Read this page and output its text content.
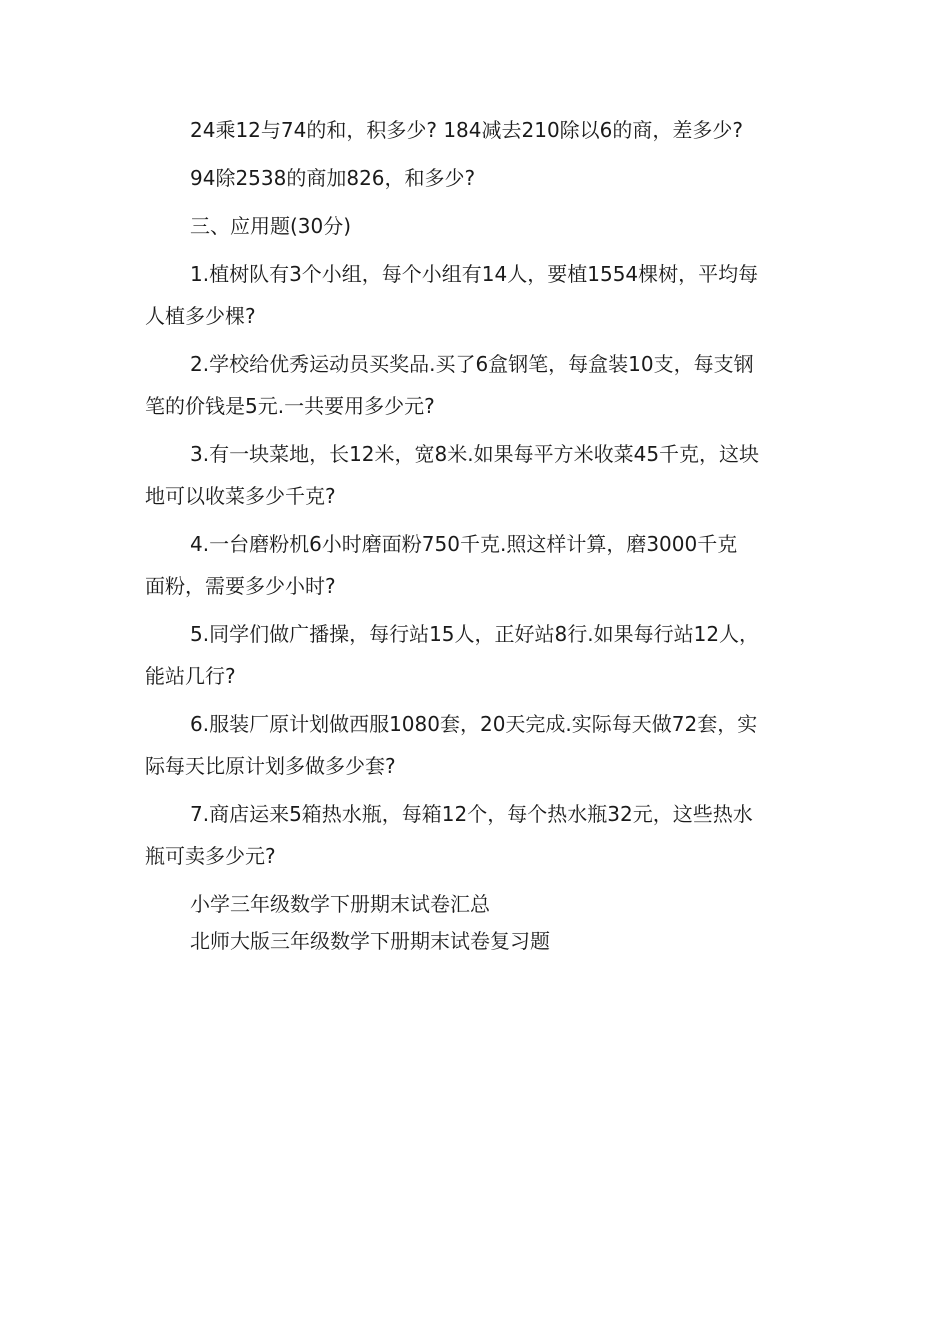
24乘12与74的和，积多少? 184减去210除以6的商，差多少?

94除2538的商加826，和多少?

三、应用题(30分)

1.植树队有3个小组，每个小组有14人，要植1554棵树，平均每

人植多少棵?

2.学校给优秀运动员买奖品.买了6盒钢笔，每盒装10支，每支钢

笔的价钱是5元.一共要用多少元?

3.有一块菜地，长12米，宽8米.如果每平方米收菜45千克，这块

地可以收菜多少千克?

4.一台磨粉机6小时磨面粉750千克.照这样计算，磨3000千克

面粉，需要多少小时?

5.同学们做广播操，每行站15人，正好站8行.如果每行站12人，

能站几行?

6.服装厂原计划做西服1080套，20天完成.实际每天做72套，实

际每天比原计划多做多少套?

7.商店运来5箱热水瓶，每箱12个，每个热水瓶32元，这些热水

瓶可卖多少元?

小学三年级数学下册期末试卷汇总

北师大版三年级数学下册期末试卷复习题
